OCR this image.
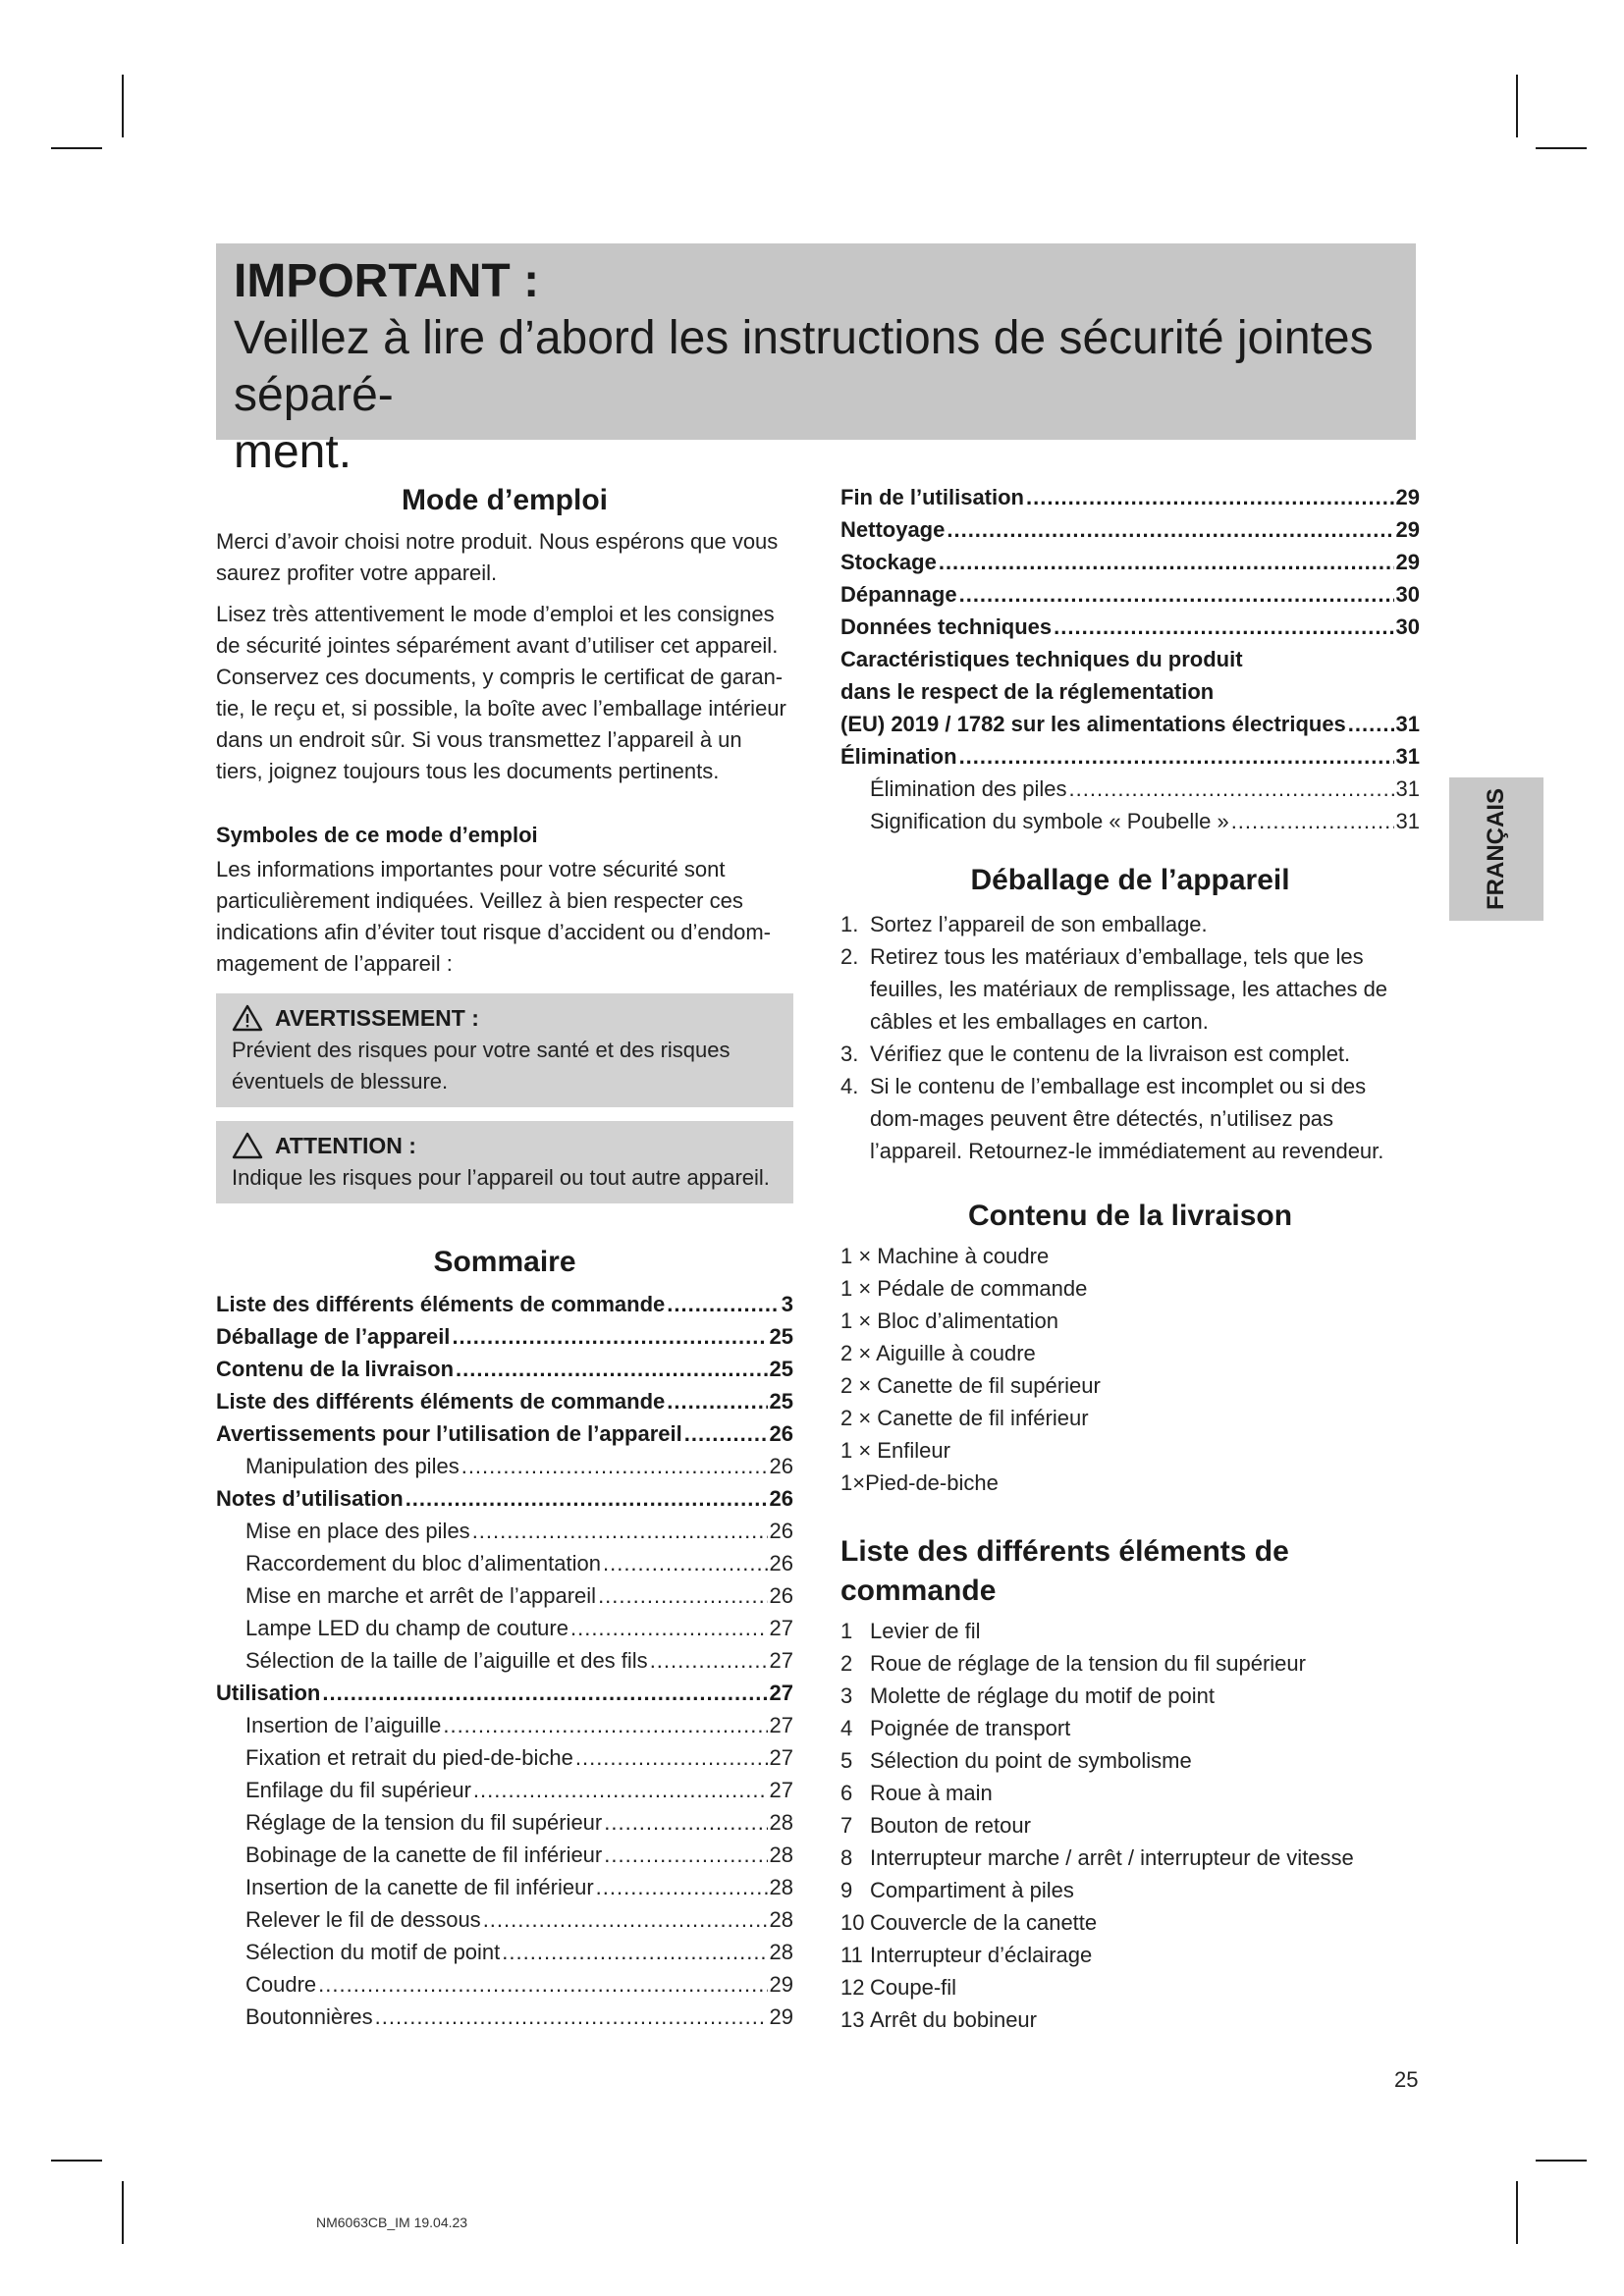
IMPORTANT :
Veillez à lire d’abord les instructions de sécurité jointes séparé-
ment.
Mode d’emploi

Merci d’avoir choisi notre produit. Nous espérons que vous saurez profiter votre appareil.

Lisez très attentivement le mode d’emploi et les consignes de sécurité jointes séparément avant d’utiliser cet appareil. Conservez ces documents, y compris le certificat de garan-tie, le reçu et, si possible, la boîte avec l’emballage intérieur dans un endroit sûr. Si vous transmettez l’appareil à un tiers, joignez toujours tous les documents pertinents.

Symboles de ce mode d’emploi

Les informations importantes pour votre sécurité sont particulièrement indiquées. Veillez à bien respecter ces indications afin d’éviter tout risque d’accident ou d’endom-magement de l’appareil :

AVERTISSEMENT :
Prévient des risques pour votre santé et des risques éventuels de blessure.
ATTENTION :
Indique les risques pour l’appareil ou tout autre appareil.
Sommaire
Liste des différents éléments de commande .....	3
Déballage de l’appareil .....	25
Contenu de la livraison .....	25
Liste des différents éléments de commande .....	25
Avertissements pour l’utilisation de l’appareil .....	26
Manipulation des piles .....	26
Notes d’utilisation .....	26
Mise en place des piles .....	26
Raccordement du bloc d’alimentation .....	26
Mise en marche et arrêt de l’appareil .....	26
Lampe LED du champ de couture .....	27
Sélection de la taille de l’aiguille et des fils .....	27
Utilisation .....	27
Insertion de l’aiguille .....	27
Fixation et retrait du pied-de-biche .....	27
Enfilage du fil supérieur .....	27
Réglage de la tension du fil supérieur .....	28
Bobinage de la canette de fil inférieur .....	28
Insertion de la canette de fil inférieur .....	28
Relever le fil de dessous .....	28
Sélection du motif de point .....	28
Coudre .....	29
Boutonnières .....	29
Fin de l’utilisation .....	29
Nettoyage .....	29
Stockage .....	29
Dépannage .....	30
Données techniques .....	30
Caractéristiques techniques du produit
dans le respect de la réglementation
(EU) 2019 / 1782 sur les alimentations électriques ..... 31
Élimination .....	31
Élimination des piles .....	31
Signification du symbole « Poubelle » .....	31
Déballage de l’appareil
1. Sortez l’appareil de son emballage.
2. Retirez tous les matériaux d’emballage, tels que les feuilles, les matériaux de remplissage, les attaches de câbles et les emballages en carton.
3. Vérifiez que le contenu de la livraison est complet.
4. Si le contenu de l’emballage est incomplet ou si des dom-mages peuvent être détectés, n’utilisez pas l’appareil. Retournez-le immédiatement au revendeur.
Contenu de la livraison
1 × Machine à coudre
1 × Pédale de commande
1 × Bloc d’alimentation
2 × Aiguille à coudre
2 × Canette de fil supérieur
2 × Canette de fil inférieur
1 × Enfileur
1×Pied-de-biche
Liste des différents éléments de commande
1 Levier de fil
2 Roue de réglage de la tension du fil supérieur
3 Molette de réglage du motif de point
4 Poignée de transport
5 Sélection du point de symbolisme
6 Roue à main
7 Bouton de retour
8 Interrupteur marche / arrêt / interrupteur de vitesse
9 Compartiment à piles
10 Couvercle de la canette
11 Interrupteur d’éclairage
12 Coupe-fil
13 Arrêt du bobineur
FRANÇAIS
25
NM6063CB_IM 19.04.23
